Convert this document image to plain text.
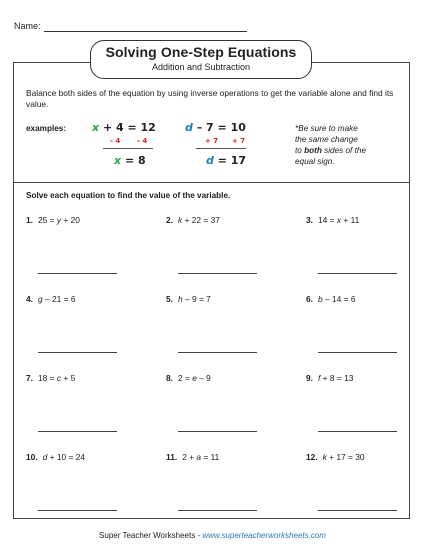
Name:
Solving One-Step Equations
Addition and Subtraction
Balance both sides of the equation by using inverse operations to get the variable alone and find its value.
examples: x + 4 = 12
- 4 - 4
x = 8
d – 7 = 10
+ 7 + 7
d = 17
*Be sure to make
the same change
to both sides of the
equal sign.
Solve each equation to find the value of the variable.
1. 25 = y + 20	2. k + 22 = 37	3. 14 = x + 11
4. g – 21 = 6	5. h – 9 = 7	6. b – 14 = 6
7. 18 = c + 5	8. 2 = e – 9	9. f + 8 = 13
10. d + 10 = 24	11. 2 + a = 11	12. k + 17 = 30
Super Teacher Worksheets - www.superteacherworksheets.com
